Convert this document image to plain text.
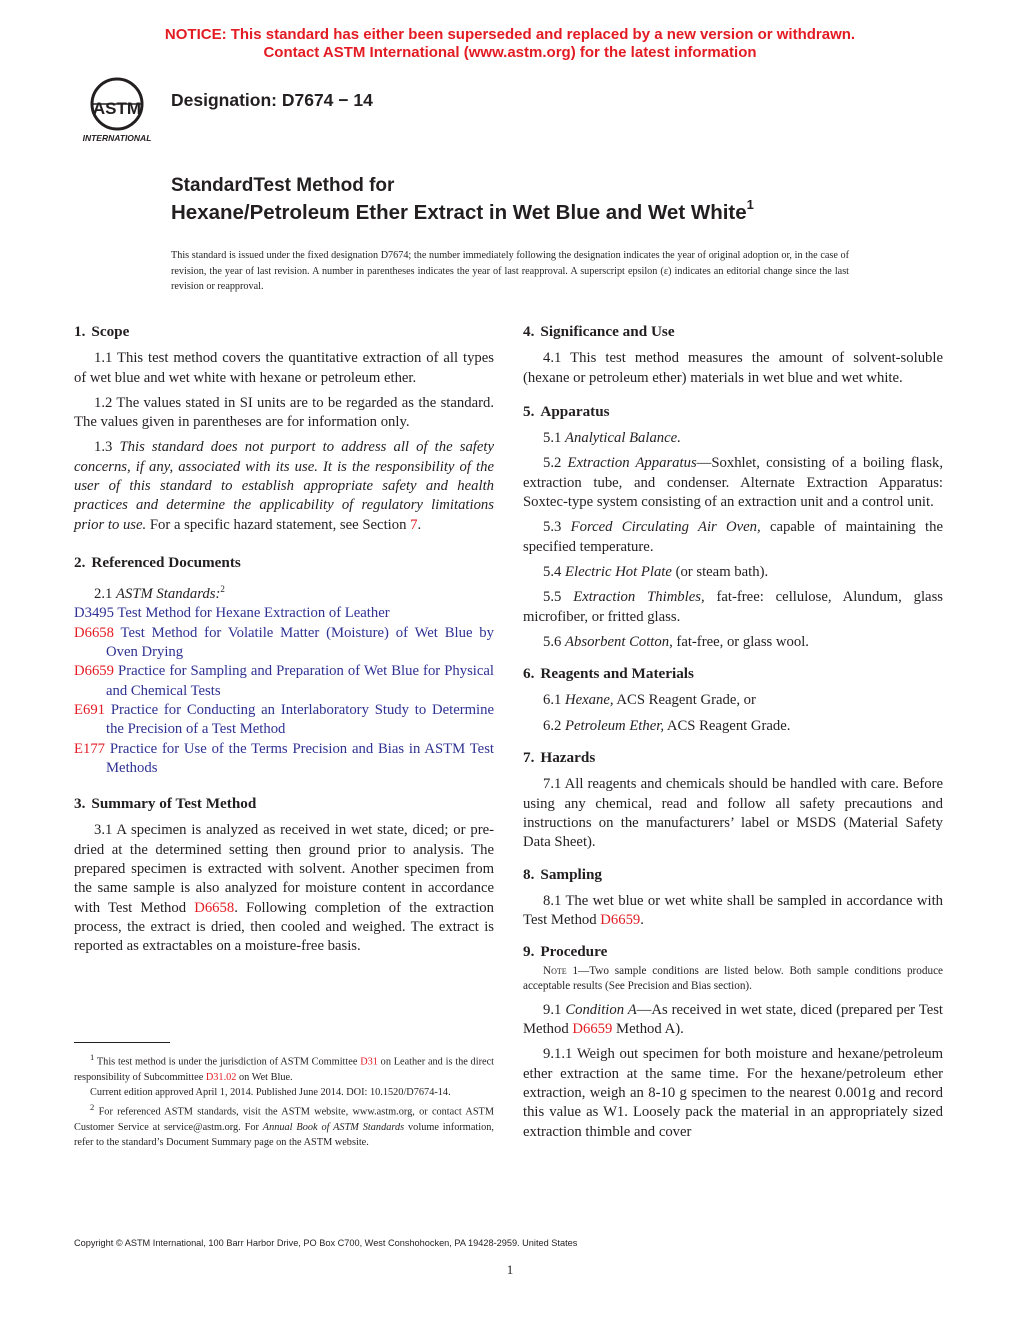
NOTICE: This standard has either been superseded and replaced by a new version or withdrawn.
Contact ASTM International (www.astm.org) for the latest information
ASTM
INTERNATIONAL
Designation: D7674 − 14
StandardTest Method for
Hexane/Petroleum Ether Extract in Wet Blue and Wet White$^1$
This standard is issued under the fixed designation D7674; the number immediately following the designation indicates the year of original adoption or, in the case of revision, the year of last revision. A number in parentheses indicates the year of last reapproval. A superscript epsilon (ε) indicates an editorial change since the last revision or reapproval.
1. Scope

1.1 This test method covers the quantitative extraction of all types of wet blue and wet white with hexane or petroleum ether.

1.2 The values stated in SI units are to be regarded as the standard. The values given in parentheses are for information only.

1.3 This standard does not purport to address all of the safety concerns, if any, associated with its use. It is the responsibility of the user of this standard to establish appropriate safety and health practices and determine the applicability of regulatory limitations prior to use. For a specific hazard statement, see Section 7.

2. Referenced Documents

2.1 ASTM Standards:$^2$

D3495 Test Method for Hexane Extraction of Leather
D6658 Test Method for Volatile Matter (Moisture) of Wet Blue by Oven Drying
D6659 Practice for Sampling and Preparation of Wet Blue for Physical and Chemical Tests
E691 Practice for Conducting an Interlaboratory Study to Determine the Precision of a Test Method
E177 Practice for Use of the Terms Precision and Bias in ASTM Test Methods
3. Summary of Test Method

3.1 A specimen is analyzed as received in wet state, diced; or pre-dried at the determined setting then ground prior to analysis. The prepared specimen is extracted with solvent. Another specimen from the same sample is also analyzed for moisture content in accordance with Test Method D6658. Following completion of the extraction process, the extract is dried, then cooled and weighed. The extract is reported as extractables on a moisture-free basis.

$^1$ This test method is under the jurisdiction of ASTM Committee D31 on Leather and is the direct responsibility of Subcommittee D31.02 on Wet Blue.
Current edition approved April 1, 2014. Published June 2014. DOI: 10.1520/D7674-14.
$^2$ For referenced ASTM standards, visit the ASTM website, www.astm.org, or contact ASTM Customer Service at service@astm.org. For Annual Book of ASTM Standards volume information, refer to the standard’s Document Summary page on the ASTM website.
4. Significance and Use

4.1 This test method measures the amount of solvent-soluble (hexane or petroleum ether) materials in wet blue and wet white.

5. Apparatus

5.1 Analytical Balance.

5.2 Extraction Apparatus—Soxhlet, consisting of a boiling flask, extraction tube, and condenser. Alternate Extraction Apparatus: Soxtec-type system consisting of an extraction unit and a control unit.

5.3 Forced Circulating Air Oven, capable of maintaining the specified temperature.

5.4 Electric Hot Plate (or steam bath).

5.5 Extraction Thimbles, fat-free: cellulose, Alundum, glass microfiber, or fritted glass.

5.6 Absorbent Cotton, fat-free, or glass wool.

6. Reagents and Materials

6.1 Hexane, ACS Reagent Grade, or

6.2 Petroleum Ether, ACS Reagent Grade.

7. Hazards

7.1 All reagents and chemicals should be handled with care. Before using any chemical, read and follow all safety precautions and instructions on the manufacturers’ label or MSDS (Material Safety Data Sheet).

8. Sampling

8.1 The wet blue or wet white shall be sampled in accordance with Test Method D6659.

9. Procedure
Note 1—Two sample conditions are listed below. Both sample conditions produce acceptable results (See Precision and Bias section).

9.1 Condition A—As received in wet state, diced (prepared per Test Method D6659 Method A).

9.1.1 Weigh out specimen for both moisture and hexane/petroleum ether extraction at the same time. For the hexane/petroleum ether extraction, weigh an 8-10 g specimen to the nearest 0.001g and record this value as W1. Loosely pack the material in an appropriately sized extraction thimble and cover

Copyright © ASTM International, 100 Barr Harbor Drive, PO Box C700, West Conshohocken, PA 19428-2959. United States
1
